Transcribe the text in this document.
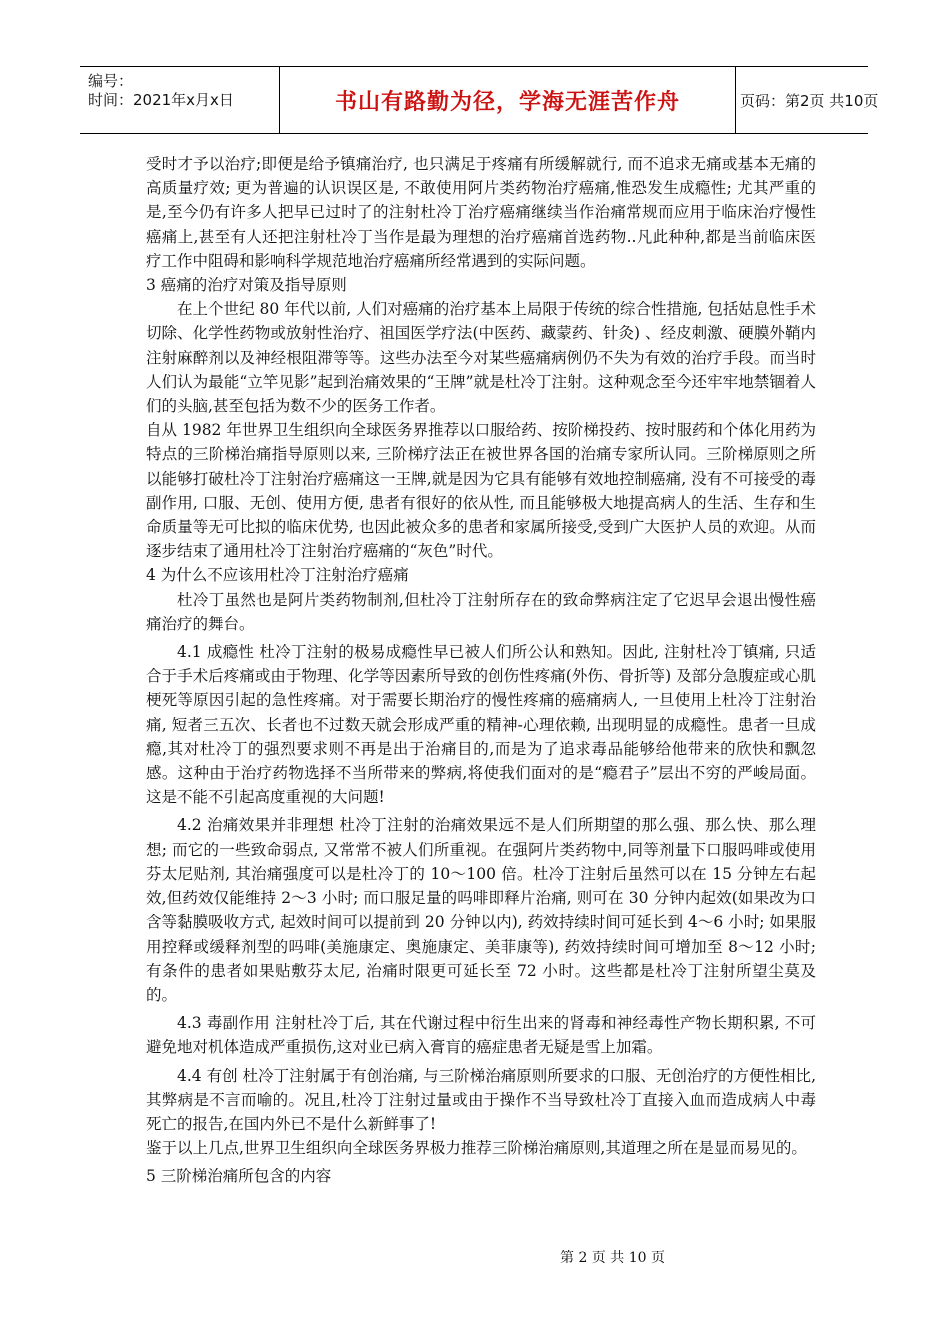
编号：
时间：2021年x月x日	书山有路勤为径，学海无涯苦作舟	页码：第2页 共10页

受时才予以治疗;即便是给予镇痛治疗, 也只满足于疼痛有所缓解就行, 而不追求无痛或基本无痛的高质量疗效; 更为普遍的认识误区是, 不敢使用阿片类药物治疗癌痛,惟恐发生成瘾性; 尤其严重的是,至今仍有许多人把早已过时了的注射杜冷丁治疗癌痛继续当作治痛常规而应用于临床治疗慢性癌痛上,甚至有人还把注射杜冷丁当作是最为理想的治疗癌痛首选药物..凡此种种,都是当前临床医疗工作中阻碍和影响科学规范地治疗癌痛所经常遇到的实际问题。

3 癌痛的治疗对策及指导原则

在上个世纪 80 年代以前, 人们对癌痛的治疗基本上局限于传统的综合性措施, 包括姑息性手术切除、化学性药物或放射性治疗、祖国医学疗法(中医药、藏蒙药、针灸) 、经皮刺激、硬膜外鞘内注射麻醉剂以及神经根阻滞等等。这些办法至今对某些癌痛病例仍不失为有效的治疗手段。而当时人们认为最能“立竿见影”起到治痛效果的“王牌”就是杜冷丁注射。这种观念至今还牢牢地禁锢着人们的头脑,甚至包括为数不少的医务工作者。

自从 1982 年世界卫生组织向全球医务界推荐以口服给药、按阶梯投药、按时服药和个体化用药为特点的三阶梯治痛指导原则以来, 三阶梯疗法正在被世界各国的治痛专家所认同。三阶梯原则之所以能够打破杜冷丁注射治疗癌痛这一王牌,就是因为它具有能够有效地控制癌痛, 没有不可接受的毒副作用, 口服、无创、使用方便, 患者有很好的依从性, 而且能够极大地提高病人的生活、生存和生命质量等无可比拟的临床优势, 也因此被众多的患者和家属所接受,受到广大医护人员的欢迎。从而逐步结束了通用杜冷丁注射治疗癌痛的“灰色”时代。

4 为什么不应该用杜冷丁注射治疗癌痛

杜冷丁虽然也是阿片类药物制剂,但杜冷丁注射所存在的致命弊病注定了它迟早会退出慢性癌痛治疗的舞台。

4.1 成瘾性 杜冷丁注射的极易成瘾性早已被人们所公认和熟知。因此, 注射杜冷丁镇痛, 只适合于手术后疼痛或由于物理、化学等因素所导致的创伤性疼痛(外伤、骨折等) 及部分急腹症或心肌梗死等原因引起的急性疼痛。对于需要长期治疗的慢性疼痛的癌痛病人, 一旦使用上杜冷丁注射治痛, 短者三五次、长者也不过数天就会形成严重的精神-心理依赖, 出现明显的成瘾性。患者一旦成瘾,其对杜冷丁的强烈要求则不再是出于治痛目的,而是为了追求毒品能够给他带来的欣快和飘忽感。这种由于治疗药物选择不当所带来的弊病,将使我们面对的是“瘾君子”层出不穷的严峻局面。这是不能不引起高度重视的大问题!

4.2 治痛效果并非理想 杜冷丁注射的治痛效果远不是人们所期望的那么强、那么快、那么理想; 而它的一些致命弱点, 又常常不被人们所重视。在强阿片类药物中,同等剂量下口服吗啡或使用芬太尼贴剂, 其治痛强度可以是杜冷丁的 10～100 倍。杜冷丁注射后虽然可以在 15 分钟左右起效,但药效仅能维持 2～3 小时; 而口服足量的吗啡即释片治痛, 则可在 30 分钟内起效(如果改为口含等黏膜吸收方式, 起效时间可以提前到 20 分钟以内), 药效持续时间可延长到 4～6 小时; 如果服用控释或缓释剂型的吗啡(美施康定、奥施康定、美菲康等), 药效持续时间可增加至 8～12 小时; 有条件的患者如果贴敷芬太尼, 治痛时限更可延长至 72 小时。这些都是杜冷丁注射所望尘莫及的。

4.3 毒副作用 注射杜冷丁后, 其在代谢过程中衍生出来的肾毒和神经毒性产物长期积累, 不可避免地对机体造成严重损伤,这对业已病入膏肓的癌症患者无疑是雪上加霜。

4.4 有创 杜冷丁注射属于有创治痛, 与三阶梯治痛原则所要求的口服、无创治疗的方便性相比, 其弊病是不言而喻的。况且,杜冷丁注射过量或由于操作不当导致杜冷丁直接入血而造成病人中毒死亡的报告,在国内外已不是什么新鲜事了!

鉴于以上几点,世界卫生组织向全球医务界极力推荐三阶梯治痛原则,其道理之所在是显而易见的。

5 三阶梯治痛所包含的内容

第 2 页 共 10 页
